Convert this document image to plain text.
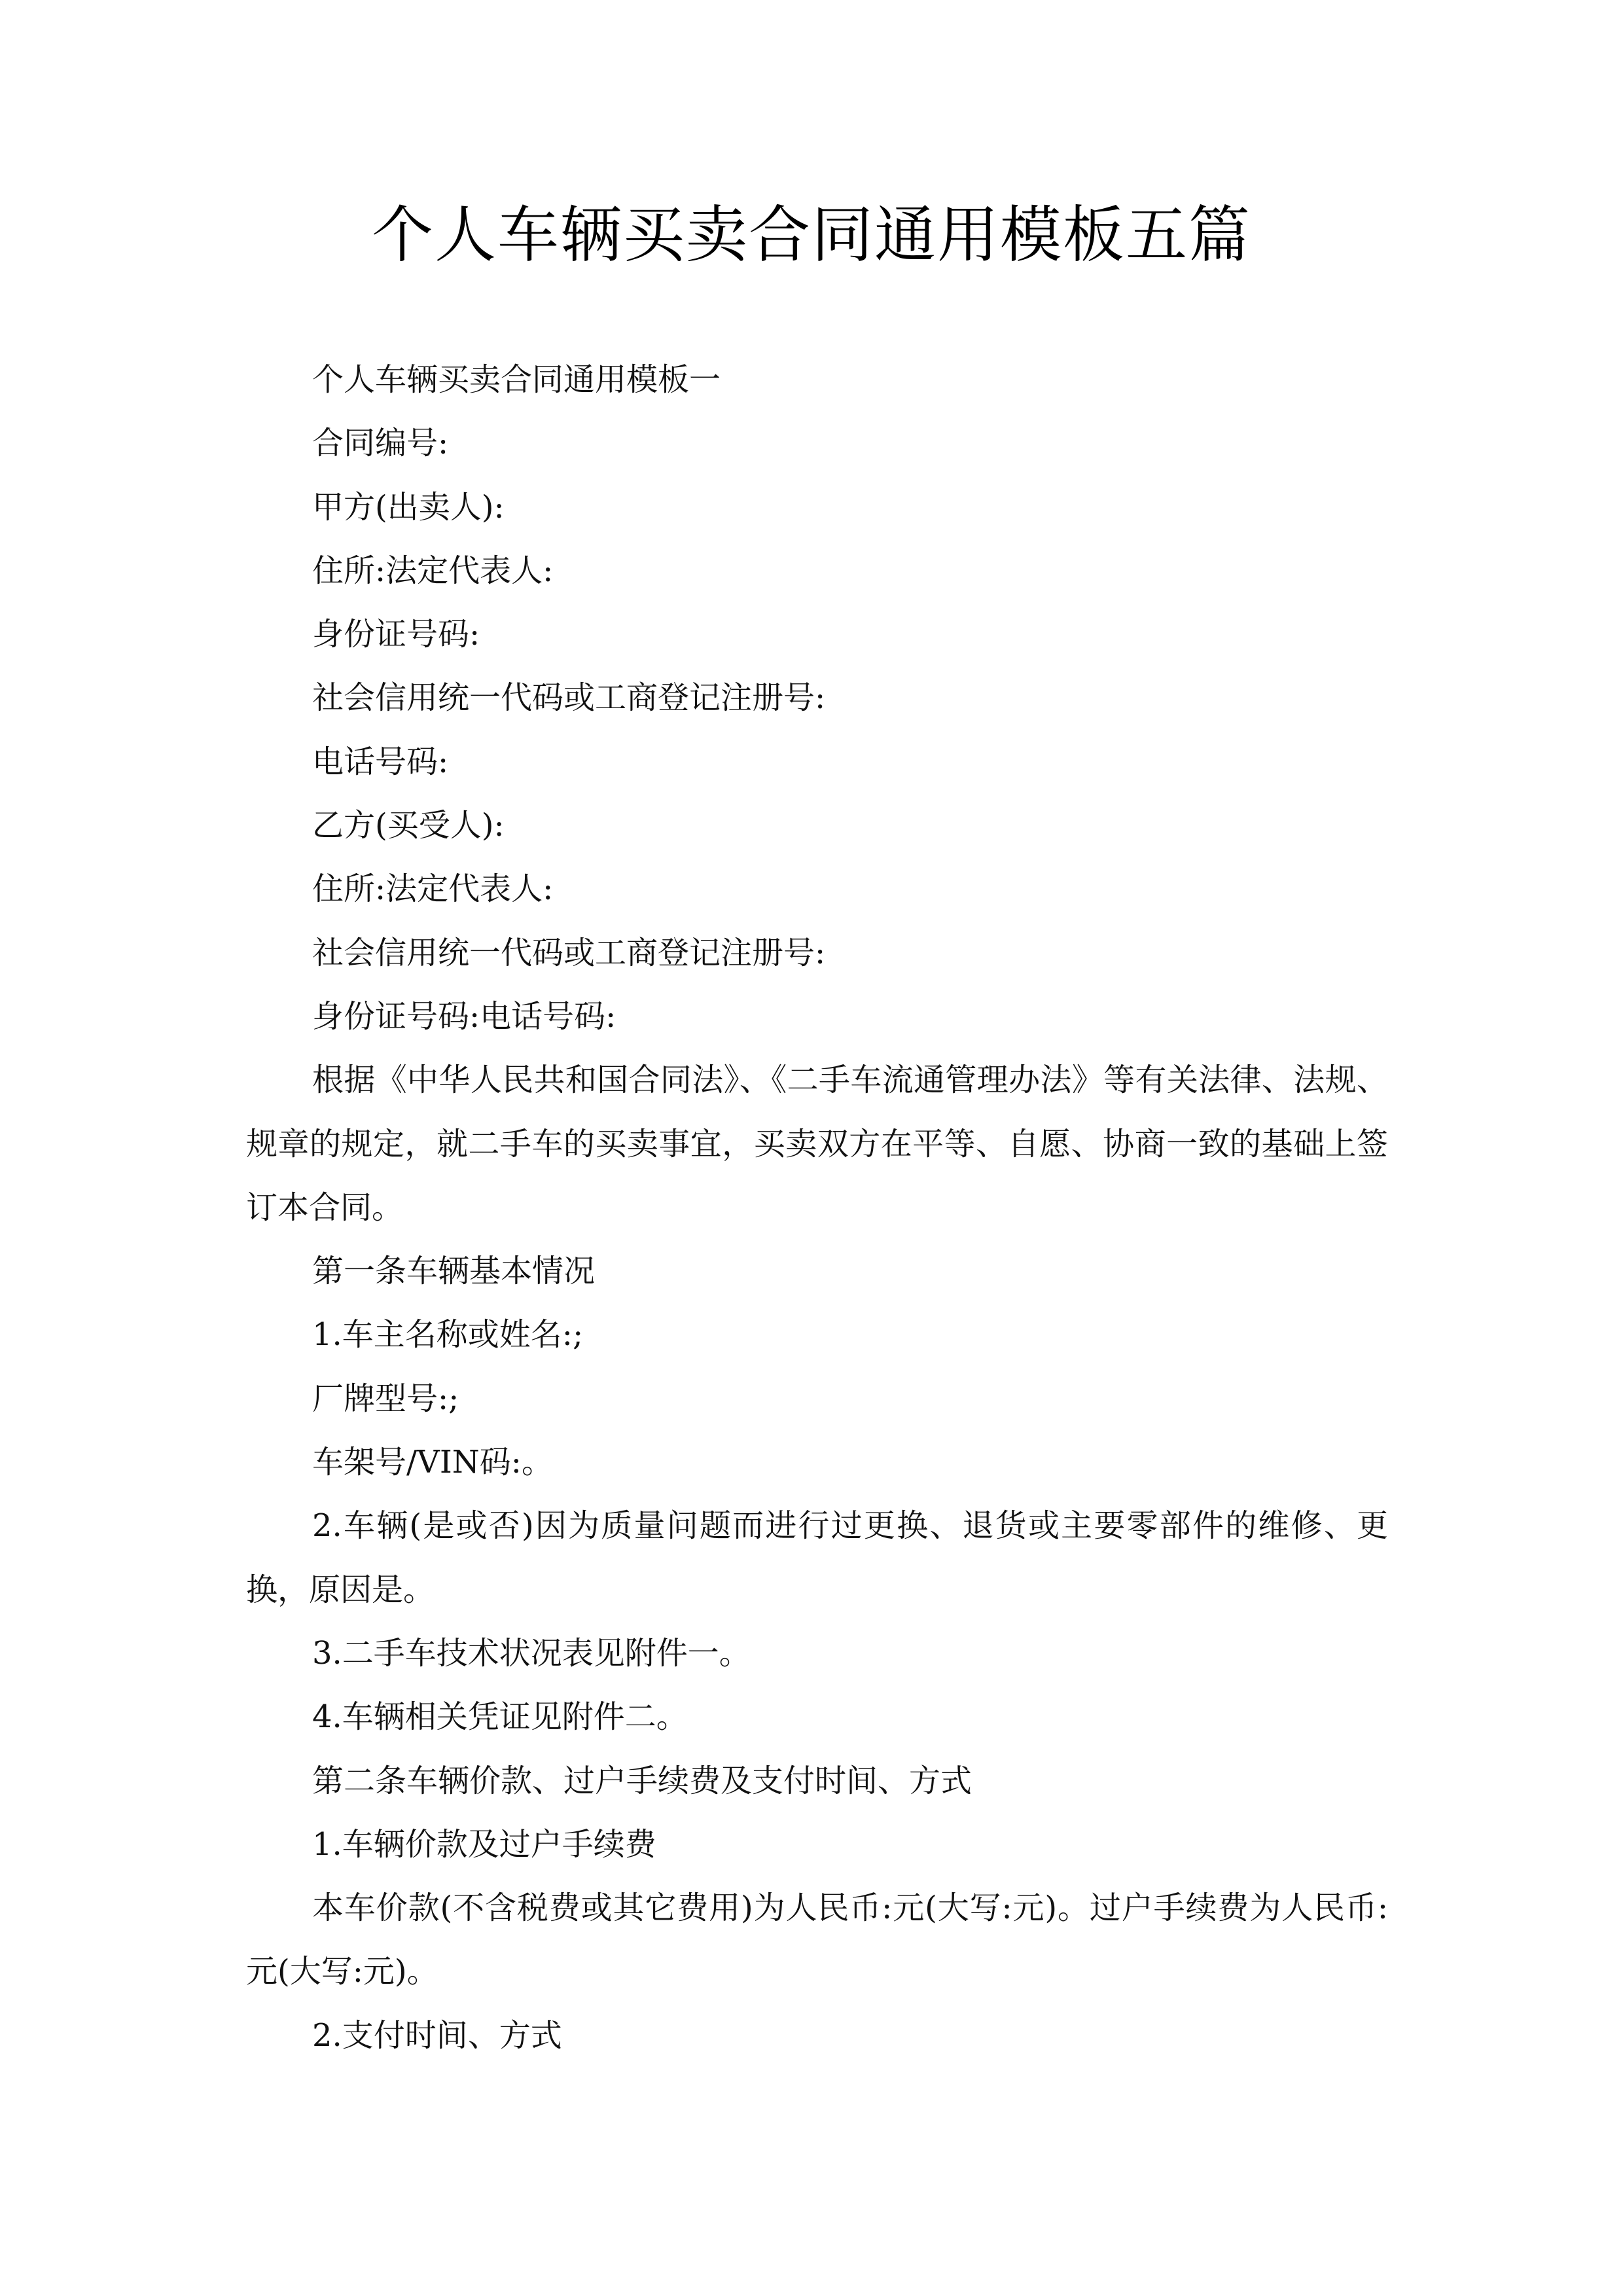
个人车辆买卖合同通用模板五篇

个人车辆买卖合同通用模板一

合同编号:

甲方(出卖人):

住所:法定代表人:

身份证号码:

社会信用统一代码或工商登记注册号:

电话号码:

乙方(买受人):

住所:法定代表人:

社会信用统一代码或工商登记注册号:

身份证号码:电话号码:

根据《中华人民共和国合同法》、《二手车流通管理办法》等有关法律、法规、规章的规定，就二手车的买卖事宜，买卖双方在平等、自愿、协商一致的基础上签订本合同。

第一条车辆基本情况

1.车主名称或姓名:;

厂牌型号:;

车架号/VIN码:。

2.车辆(是或否)因为质量问题而进行过更换、退货或主要零部件的维修、更换，原因是。

3.二手车技术状况表见附件一。

4.车辆相关凭证见附件二。

第二条车辆价款、过户手续费及支付时间、方式

1.车辆价款及过户手续费

本车价款(不含税费或其它费用)为人民币:元(大写:元)。过户手续费为人民币:元(大写:元)。

2.支付时间、方式
